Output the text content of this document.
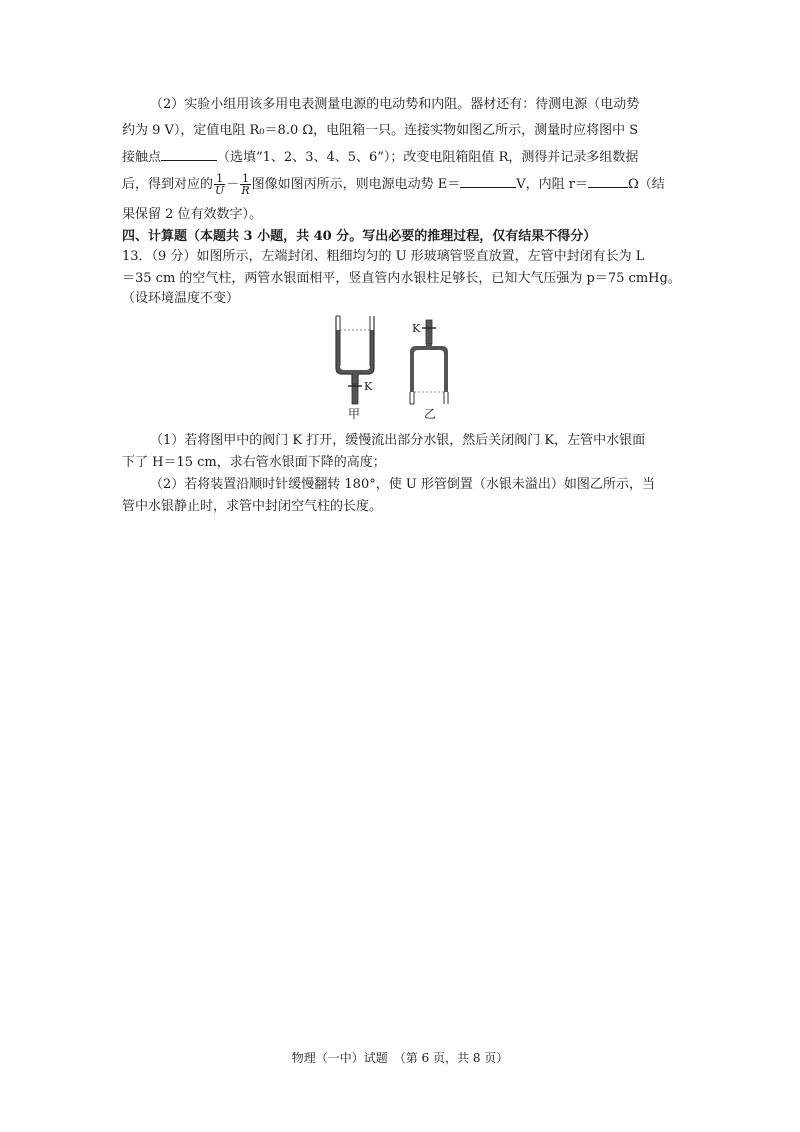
（2）实验小组用该多用电表测量电源的电动势和内阻。器材还有：待测电源（电动势
约为 9 V），定值电阻 R₀＝8.0 Ω，电阻箱一只。连接实物如图乙所示，测量时应将图中 S
接触点	（选填“1、2、3、4、5、6”）；改变电阻箱阻值 R，测得并记录多组数据
后，得到对应的 $\frac{1}{U} - \frac{1}{R}$ 图像如图丙所示，则电源电动势 E＝	V，内阻 r＝	Ω（结
果保留 2 位有效数字）。
四、计算题（本题共 3 小题，共 40 分。写出必要的推理过程，仅有结果不得分）
13．（9 分）如图所示，左端封闭、粗细均匀的 U 形玻璃管竖直放置，左管中封闭有长为 L
＝35 cm 的空气柱，两管水银面相平，竖直管内水银柱足够长，已知大气压强为 p＝75 cmHg。
（设环境温度不变）
K
甲
K
乙
（1）若将图甲中的阀门 K 打开，缓慢流出部分水银，然后关闭阀门 K，左管中水银面
下了 H＝15 cm，求右管水银面下降的高度；
（2）若将装置沿顺时针缓慢翻转 180°，使 U 形管倒置（水银未溢出）如图乙所示，当
管中水银静止时，求管中封闭空气柱的长度。
物理（一中）试题　（第 6 页，共 8 页）
